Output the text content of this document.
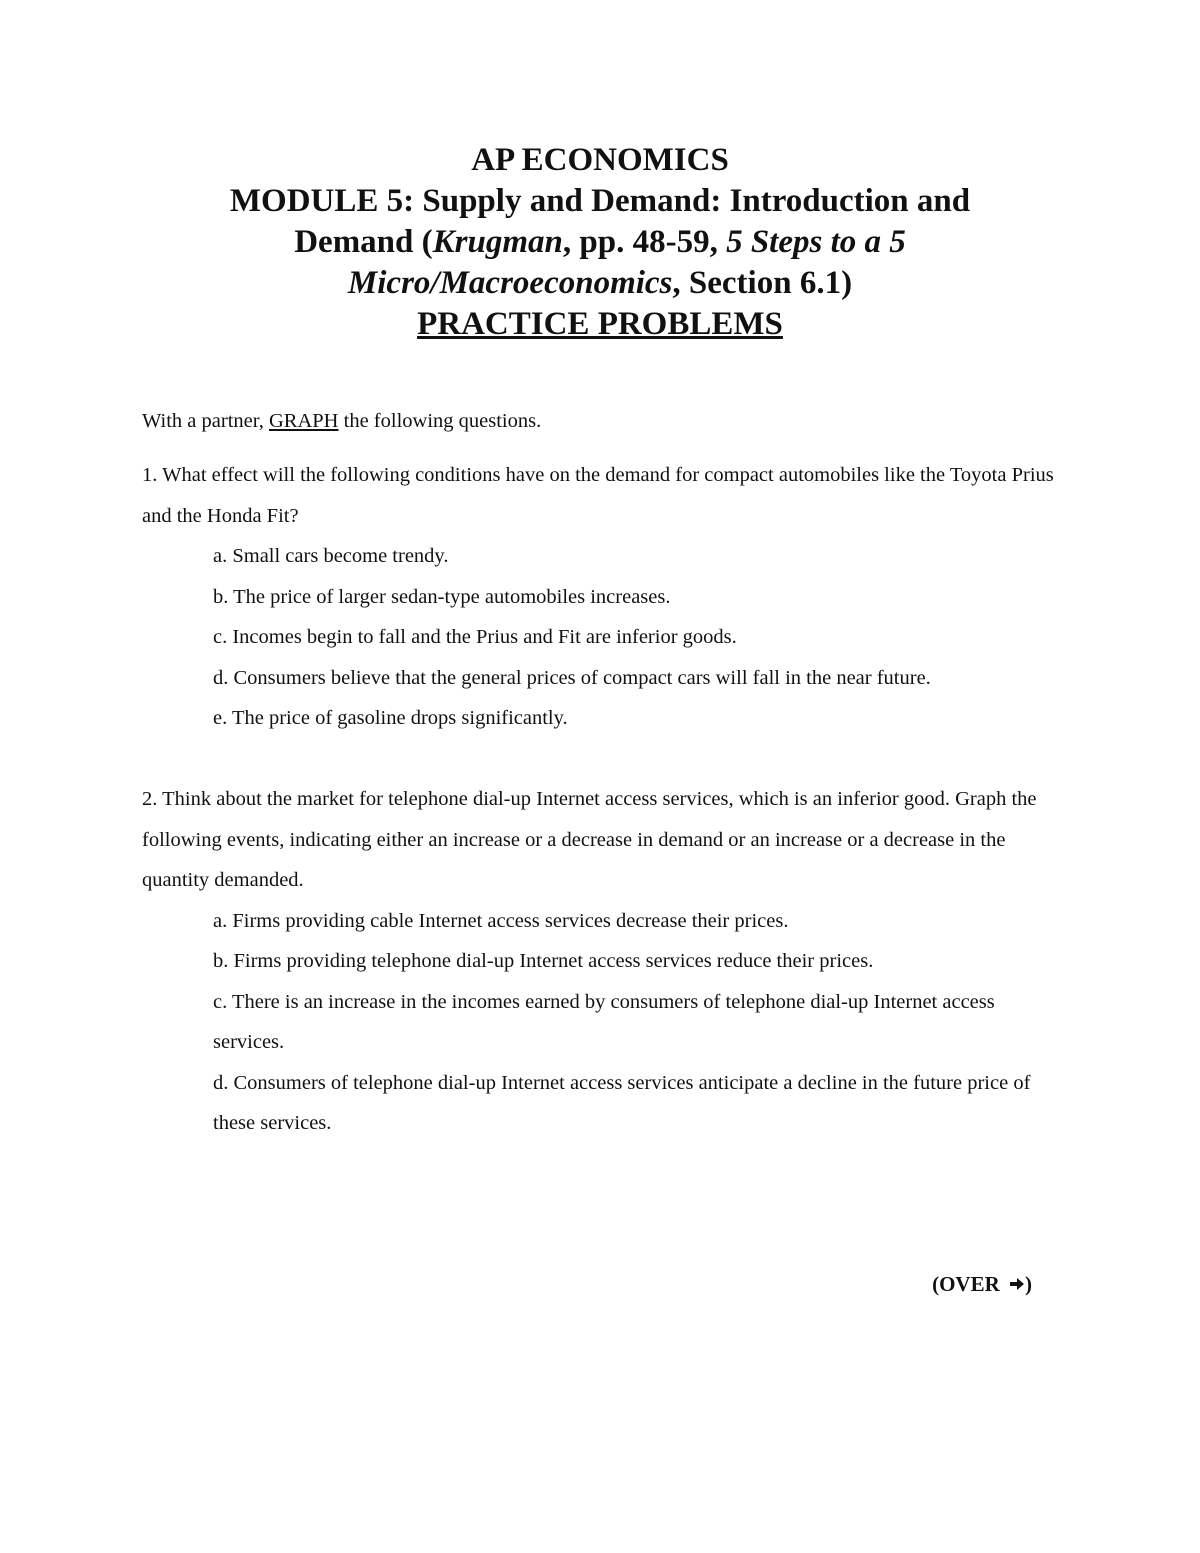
AP ECONOMICS
MODULE 5: Supply and Demand: Introduction and
Demand (Krugman, pp. 48-59, 5 Steps to a 5
Micro/Macroeconomics, Section 6.1)
PRACTICE PROBLEMS
With a partner, GRAPH the following questions.
1. What effect will the following conditions have on the demand for compact automobiles like the Toyota Prius and the Honda Fit?
a. Small cars become trendy.
b. The price of larger sedan-type automobiles increases.
c. Incomes begin to fall and the Prius and Fit are inferior goods.
d. Consumers believe that the general prices of compact cars will fall in the near future.
e. The price of gasoline drops significantly.
2. Think about the market for telephone dial-up Internet access services, which is an inferior good. Graph the following events, indicating either an increase or a decrease in demand or an increase or a decrease in the quantity demanded.
a. Firms providing cable Internet access services decrease their prices.
b. Firms providing telephone dial-up Internet access services reduce their prices.
c. There is an increase in the incomes earned by consumers of telephone dial-up Internet access services.
d. Consumers of telephone dial-up Internet access services anticipate a decline in the future price of these services.
(OVER )
